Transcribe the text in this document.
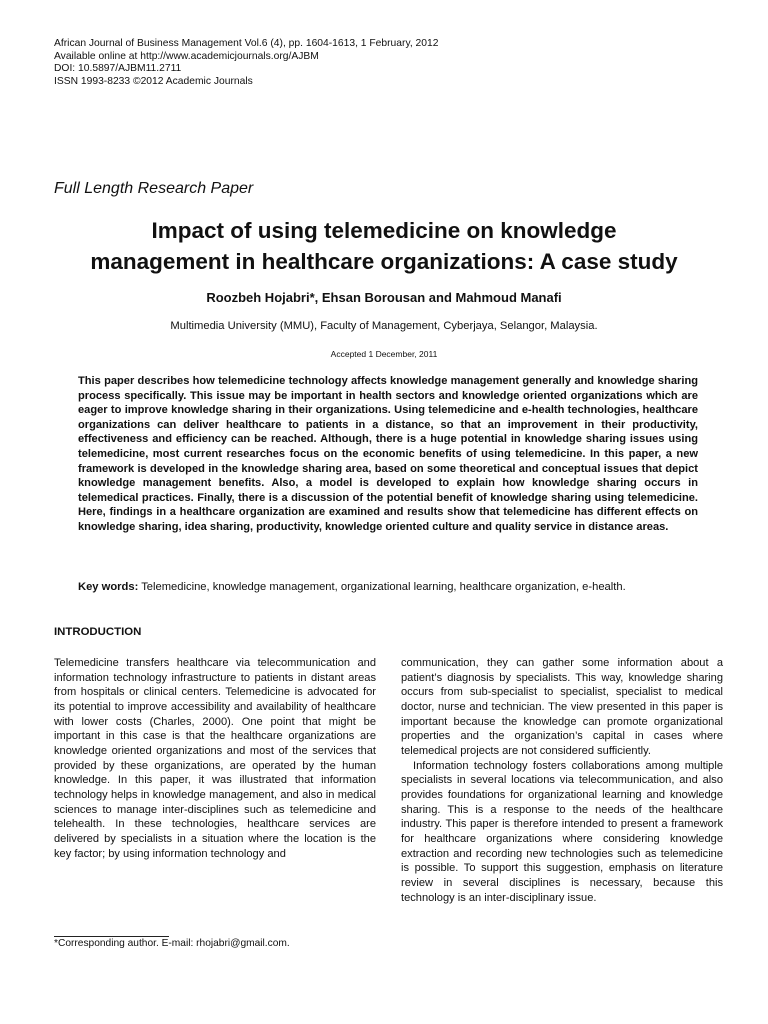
African Journal of Business Management Vol.6 (4), pp. 1604-1613, 1 February, 2012
Available online at http://www.academicjournals.org/AJBM
DOI: 10.5897/AJBM11.2711
ISSN 1993-8233 ©2012 Academic Journals
Full Length Research Paper
Impact of using telemedicine on knowledge
management in healthcare organizations: A case study
Roozbeh Hojabri*, Ehsan Borousan and Mahmoud Manafi
Multimedia University (MMU), Faculty of Management, Cyberjaya, Selangor, Malaysia.
Accepted 1 December, 2011

This paper describes how telemedicine technology affects knowledge management generally and knowledge sharing process specifically. This issue may be important in health sectors and knowledge oriented organizations which are eager to improve knowledge sharing in their organizations. Using telemedicine and e-health technologies, healthcare organizations can deliver healthcare to patients in a distance, so that an improvement in their productivity, effectiveness and efficiency can be reached. Although, there is a huge potential in knowledge sharing issues using telemedicine, most current researches focus on the economic benefits of using telemedicine. In this paper, a new framework is developed in the knowledge sharing area, based on some theoretical and conceptual issues that depict knowledge management benefits. Also, a model is developed to explain how knowledge sharing occurs in telemedical practices. Finally, there is a discussion of the potential benefit of knowledge sharing using telemedicine. Here, findings in a healthcare organization are examined and results show that telemedicine has different effects on knowledge sharing, idea sharing, productivity, knowledge oriented culture and quality service in distance areas.

Key words: Telemedicine, knowledge management, organizational learning, healthcare organization, e-health.
INTRODUCTION

Telemedicine transfers healthcare via telecommunication and information technology infrastructure to patients in distant areas from hospitals or clinical centers. Telemedicine is advocated for its potential to improve accessibility and availability of healthcare with lower costs (Charles, 2000). One point that might be important in this case is that the healthcare organizations are knowledge oriented organizations and most of the services that provided by these organizations, are operated by the human knowledge. In this paper, it was illustrated that information technology helps in knowledge management, and also in medical sciences to manage inter-disciplines such as telemedicine and telehealth. In these technologies, healthcare services are delivered by specialists in a situation where the location is the key factor; by using information technology and

communication, they can gather some information about a patient’s diagnosis by specialists. This way, knowledge sharing occurs from sub-specialist to specialist, specialist to medical doctor, nurse and technician. The view presented in this paper is important because the knowledge can promote organizational properties and the organization’s capital in cases where telemedical projects are not considered sufficiently.

Information technology fosters collaborations among multiple specialists in several locations via telecommunication, and also provides foundations for organizational learning and knowledge sharing. This is a response to the needs of the healthcare industry. This paper is therefore intended to present a framework for healthcare organizations where considering knowledge extraction and recording new technologies such as telemedicine is possible. To support this suggestion, emphasis on literature review in several disciplines is necessary, because this technology is an inter-disciplinary issue.

*Corresponding author. E-mail: rhojabri@gmail.com.
